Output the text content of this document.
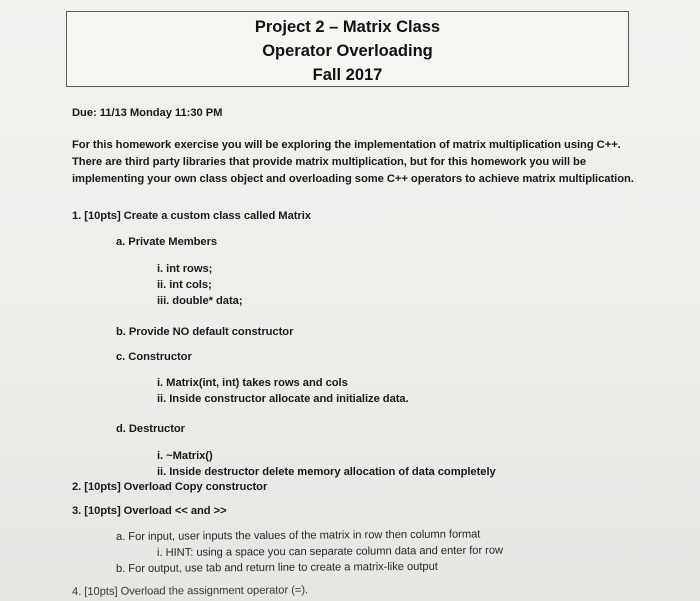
Project 2 – Matrix Class
Operator Overloading
Fall 2017
Due: 11/13 Monday 11:30 PM
For this homework exercise you will be exploring the implementation of matrix multiplication using C++.
There are third party libraries that provide matrix multiplication, but for this homework you will be
implementing your own class object and overloading some C++ operators to achieve matrix multiplication.
1. [10pts] Create a custom class called Matrix
a. Private Members
i. int rows;
ii. int cols;
iii. double* data;
b. Provide NO default constructor
c. Constructor
i. Matrix(int, int) takes rows and cols
ii. Inside constructor allocate and initialize data.
d. Destructor
i. ~Matrix()
ii. Inside destructor delete memory allocation of data completely
2. [10pts] Overload Copy constructor
3. [10pts] Overload << and >>
a. For input, user inputs the values of the matrix in row then column format
i. HINT: using a space you can separate column data and enter for row
b. For output, use tab and return line to create a matrix-like output
4. [10pts] Overload the assignment operator (=).
